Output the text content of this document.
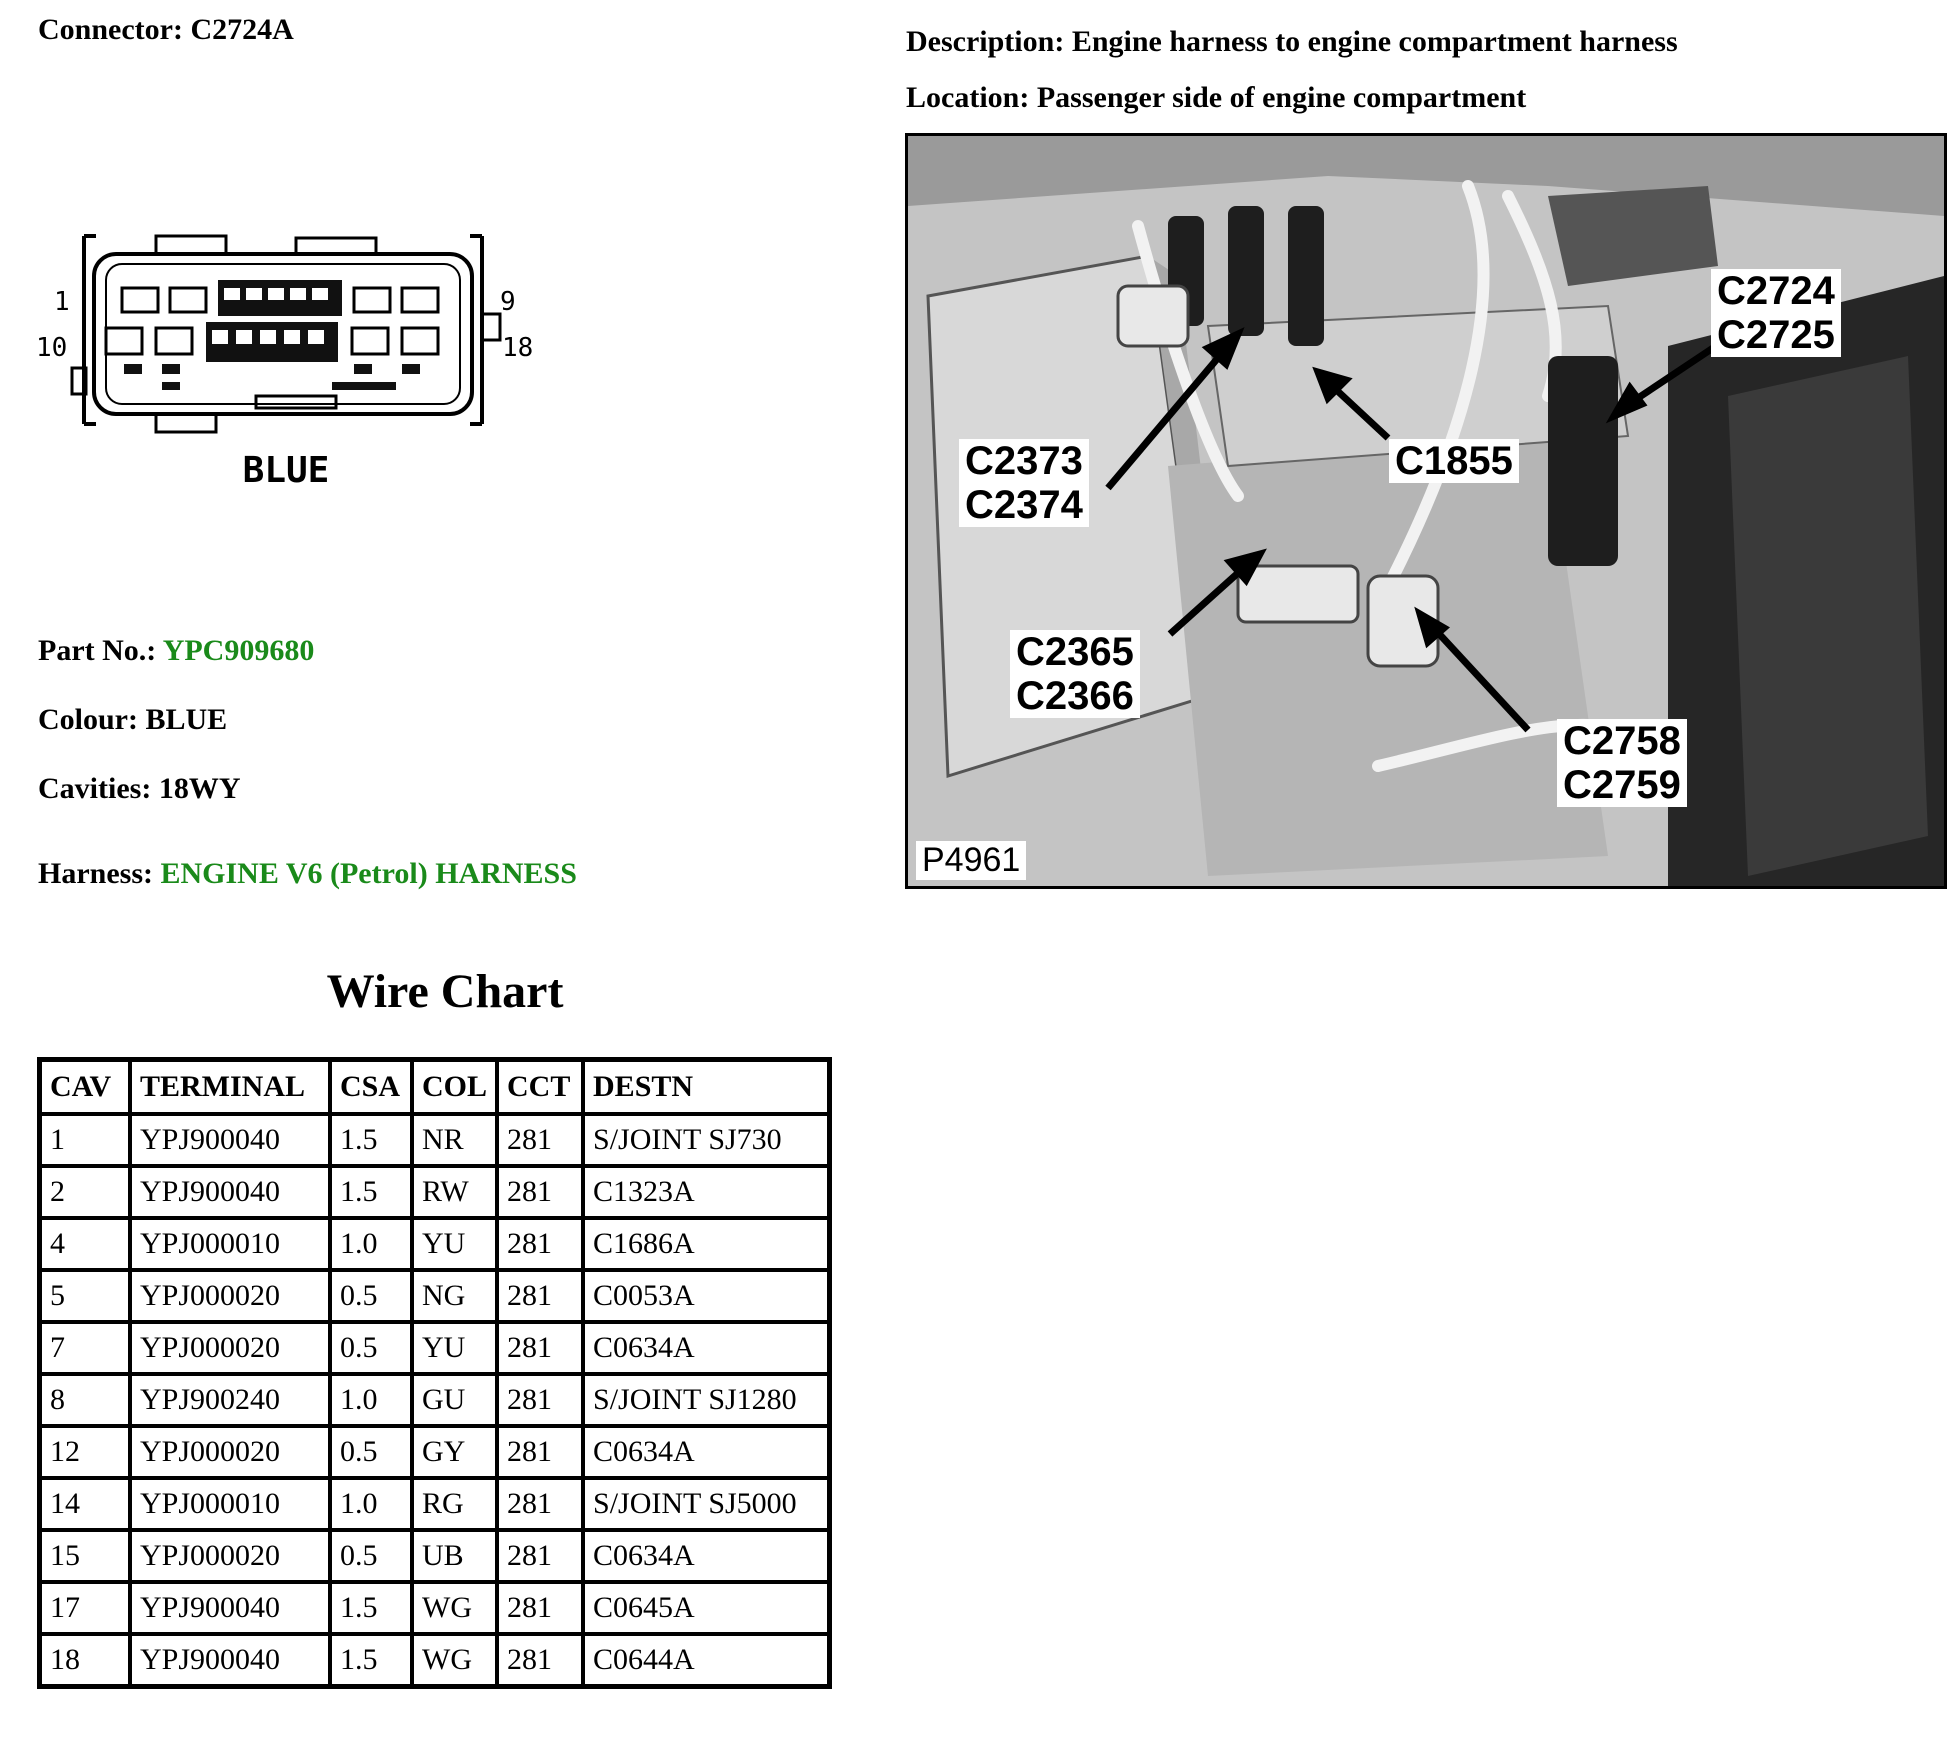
Connector: C2724A	Description: Engine harness to engine compartment harness
Location: Passenger side of engine compartment
1	9
10	18
BLUE
C2724
C2725
C2373
C2374
C1855
C2365
C2366
C2758
C2759
P4961
Part No.: YPC909680
Colour: BLUE
Cavities: 18WY
Harness: ENGINE V6 (Petrol) HARNESS
Wire Chart
CAV	TERMINAL	CSA	COL	CCT	DESTN
1	YPJ900040	1.5	NR	281	S/JOINT SJ730
2	YPJ900040	1.5	RW	281	C1323A
4	YPJ000010	1.0	YU	281	C1686A
5	YPJ000020	0.5	NG	281	C0053A
7	YPJ000020	0.5	YU	281	C0634A
8	YPJ900240	1.0	GU	281	S/JOINT SJ1280
12	YPJ000020	0.5	GY	281	C0634A
14	YPJ000010	1.0	RG	281	S/JOINT SJ5000
15	YPJ000020	0.5	UB	281	C0634A
17	YPJ900040	1.5	WG	281	C0645A
18	YPJ900040	1.5	WG	281	C0644A
